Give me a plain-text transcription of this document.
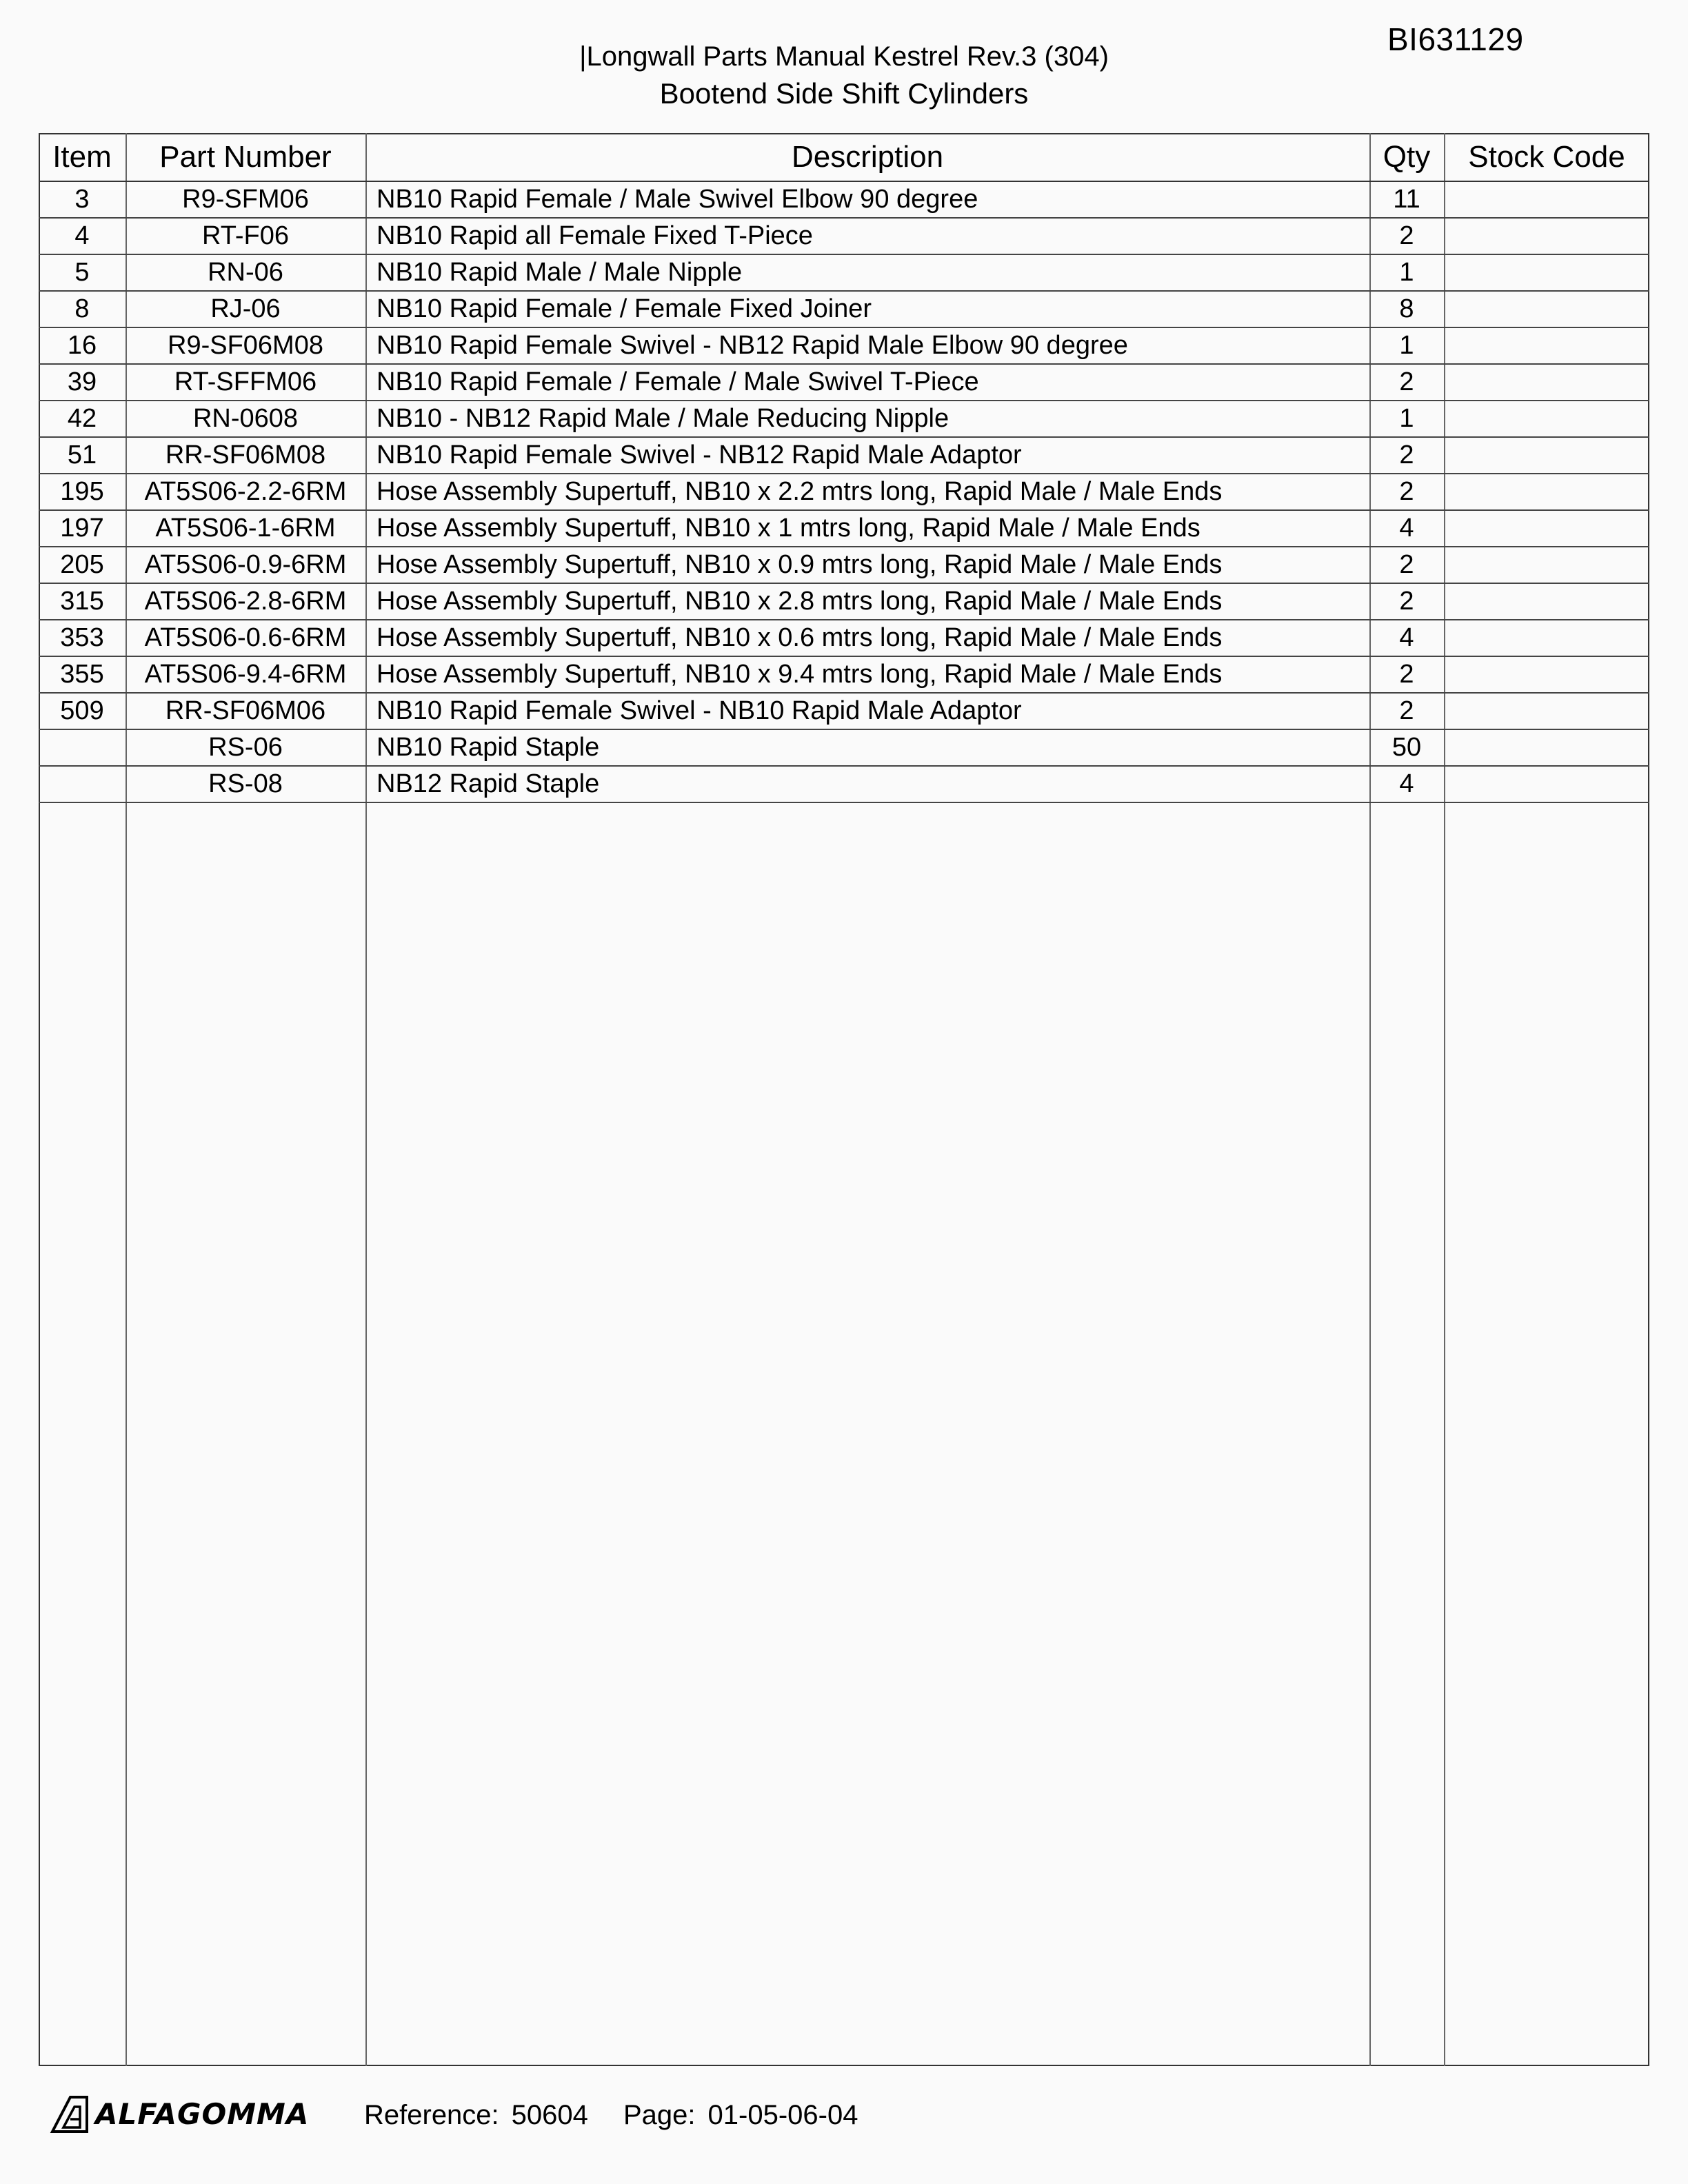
BI631129
|Longwall Parts Manual Kestrel Rev.3 (304)
Bootend Side Shift Cylinders
Item	Part Number	Description	Qty	Stock Code
3	R9-SFM06	NB10 Rapid Female / Male Swivel Elbow 90 degree	11	
4	RT-F06	NB10 Rapid all Female Fixed T-Piece	2	
5	RN-06	NB10 Rapid Male / Male Nipple	1	
8	RJ-06	NB10 Rapid Female / Female Fixed Joiner	8	
16	R9-SF06M08	NB10 Rapid Female Swivel - NB12 Rapid Male Elbow 90 degree	1	
39	RT-SFFM06	NB10 Rapid Female / Female / Male Swivel T-Piece	2	
42	RN-0608	NB10 - NB12 Rapid Male / Male Reducing Nipple	1	
51	RR-SF06M08	NB10 Rapid Female Swivel - NB12 Rapid Male Adaptor	2	
195	AT5S06-2.2-6RM	Hose Assembly Supertuff, NB10 x 2.2 mtrs long, Rapid Male / Male Ends	2	
197	AT5S06-1-6RM	Hose Assembly Supertuff, NB10 x 1 mtrs long, Rapid Male / Male Ends	4	
205	AT5S06-0.9-6RM	Hose Assembly Supertuff, NB10 x 0.9 mtrs long, Rapid Male / Male Ends	2	
315	AT5S06-2.8-6RM	Hose Assembly Supertuff, NB10 x 2.8 mtrs long, Rapid Male / Male Ends	2	
353	AT5S06-0.6-6RM	Hose Assembly Supertuff, NB10 x 0.6 mtrs long, Rapid Male / Male Ends	4	
355	AT5S06-9.4-6RM	Hose Assembly Supertuff, NB10 x 9.4 mtrs long, Rapid Male / Male Ends	2	
509	RR-SF06M06	NB10 Rapid Female Swivel - NB10 Rapid Male Adaptor	2	
	RS-06	NB10 Rapid Staple	50	
	RS-08	NB12 Rapid Staple	4	
ALFAGOMMA Reference: 50604 Page: 01-05-06-04
